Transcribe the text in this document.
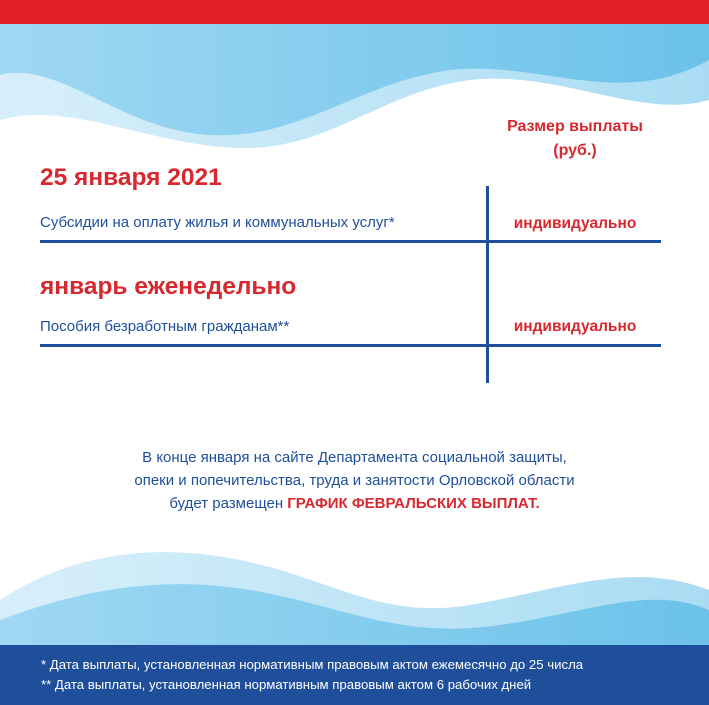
Размер выплаты
(руб.)
25 января 2021
Субсидии на оплату жилья и коммунальных услуг*	индивидуально
январь еженедельно
Пособия безработным гражданам**	индивидуально
В конце января на сайте Департамента социальной защиты,
опеки и попечительства, труда и занятости Орловской области
будет размещен ГРАФИК ФЕВРАЛЬСКИХ ВЫПЛАТ.
* Дата выплаты, установленная нормативным правовым актом ежемесячно до 25 числа
** Дата выплаты, установленная нормативным правовым актом 6 рабочих дней
